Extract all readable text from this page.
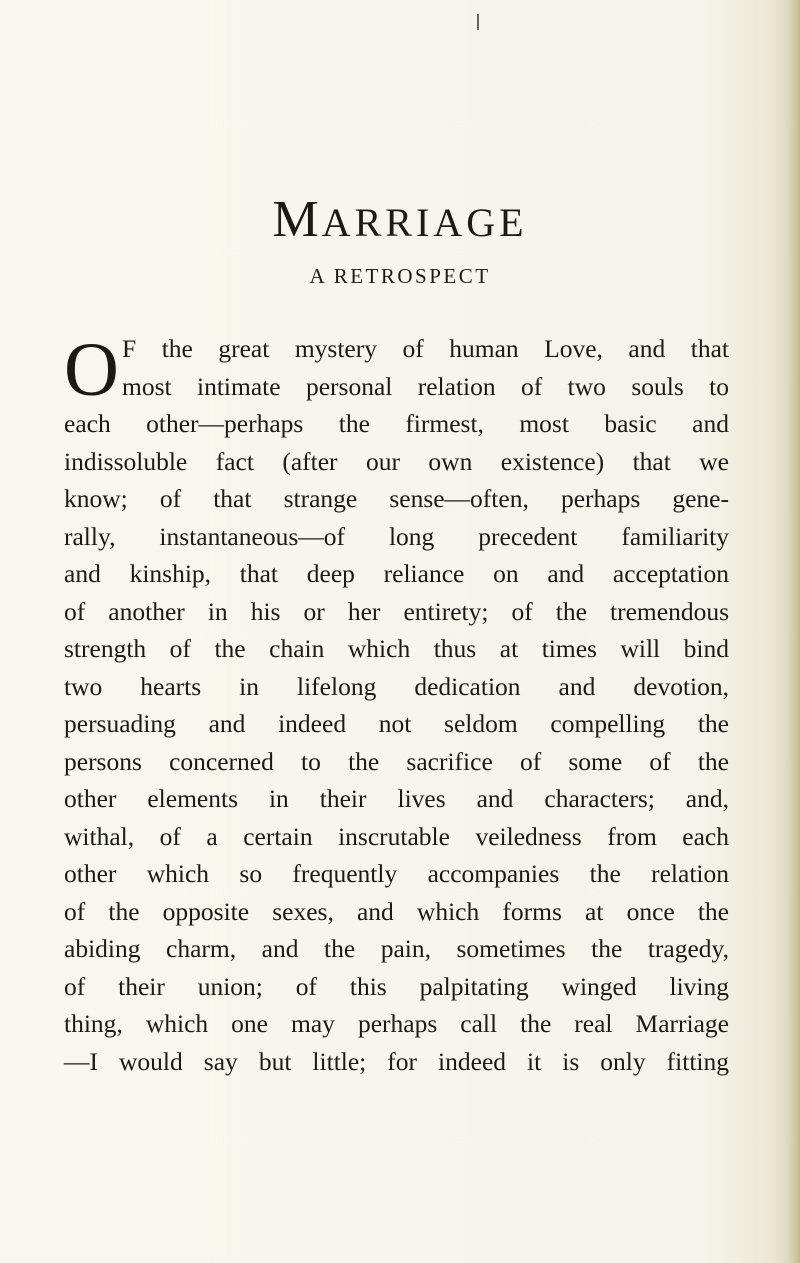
MARRIAGE
A RETROSPECT
O F the great mystery of human Love, and that
most intimate personal relation of two souls to
each other—perhaps the firmest, most basic and
indissoluble fact (after our own existence) that we
know; of that strange sense—often, perhaps gene-
rally, instantaneous—of long precedent familiarity
and kinship, that deep reliance on and acceptation
of another in his or her entirety; of the tremendous
strength of the chain which thus at times will bind
two hearts in lifelong dedication and devotion,
persuading and indeed not seldom compelling the
persons concerned to the sacrifice of some of the
other elements in their lives and characters; and,
withal, of a certain inscrutable veiledness from each
other which so frequently accompanies the relation
of the opposite sexes, and which forms at once the
abiding charm, and the pain, sometimes the tragedy,
of their union; of this palpitating winged living
thing, which one may perhaps call the real Marriage
—I would say but little; for indeed it is only fitting
